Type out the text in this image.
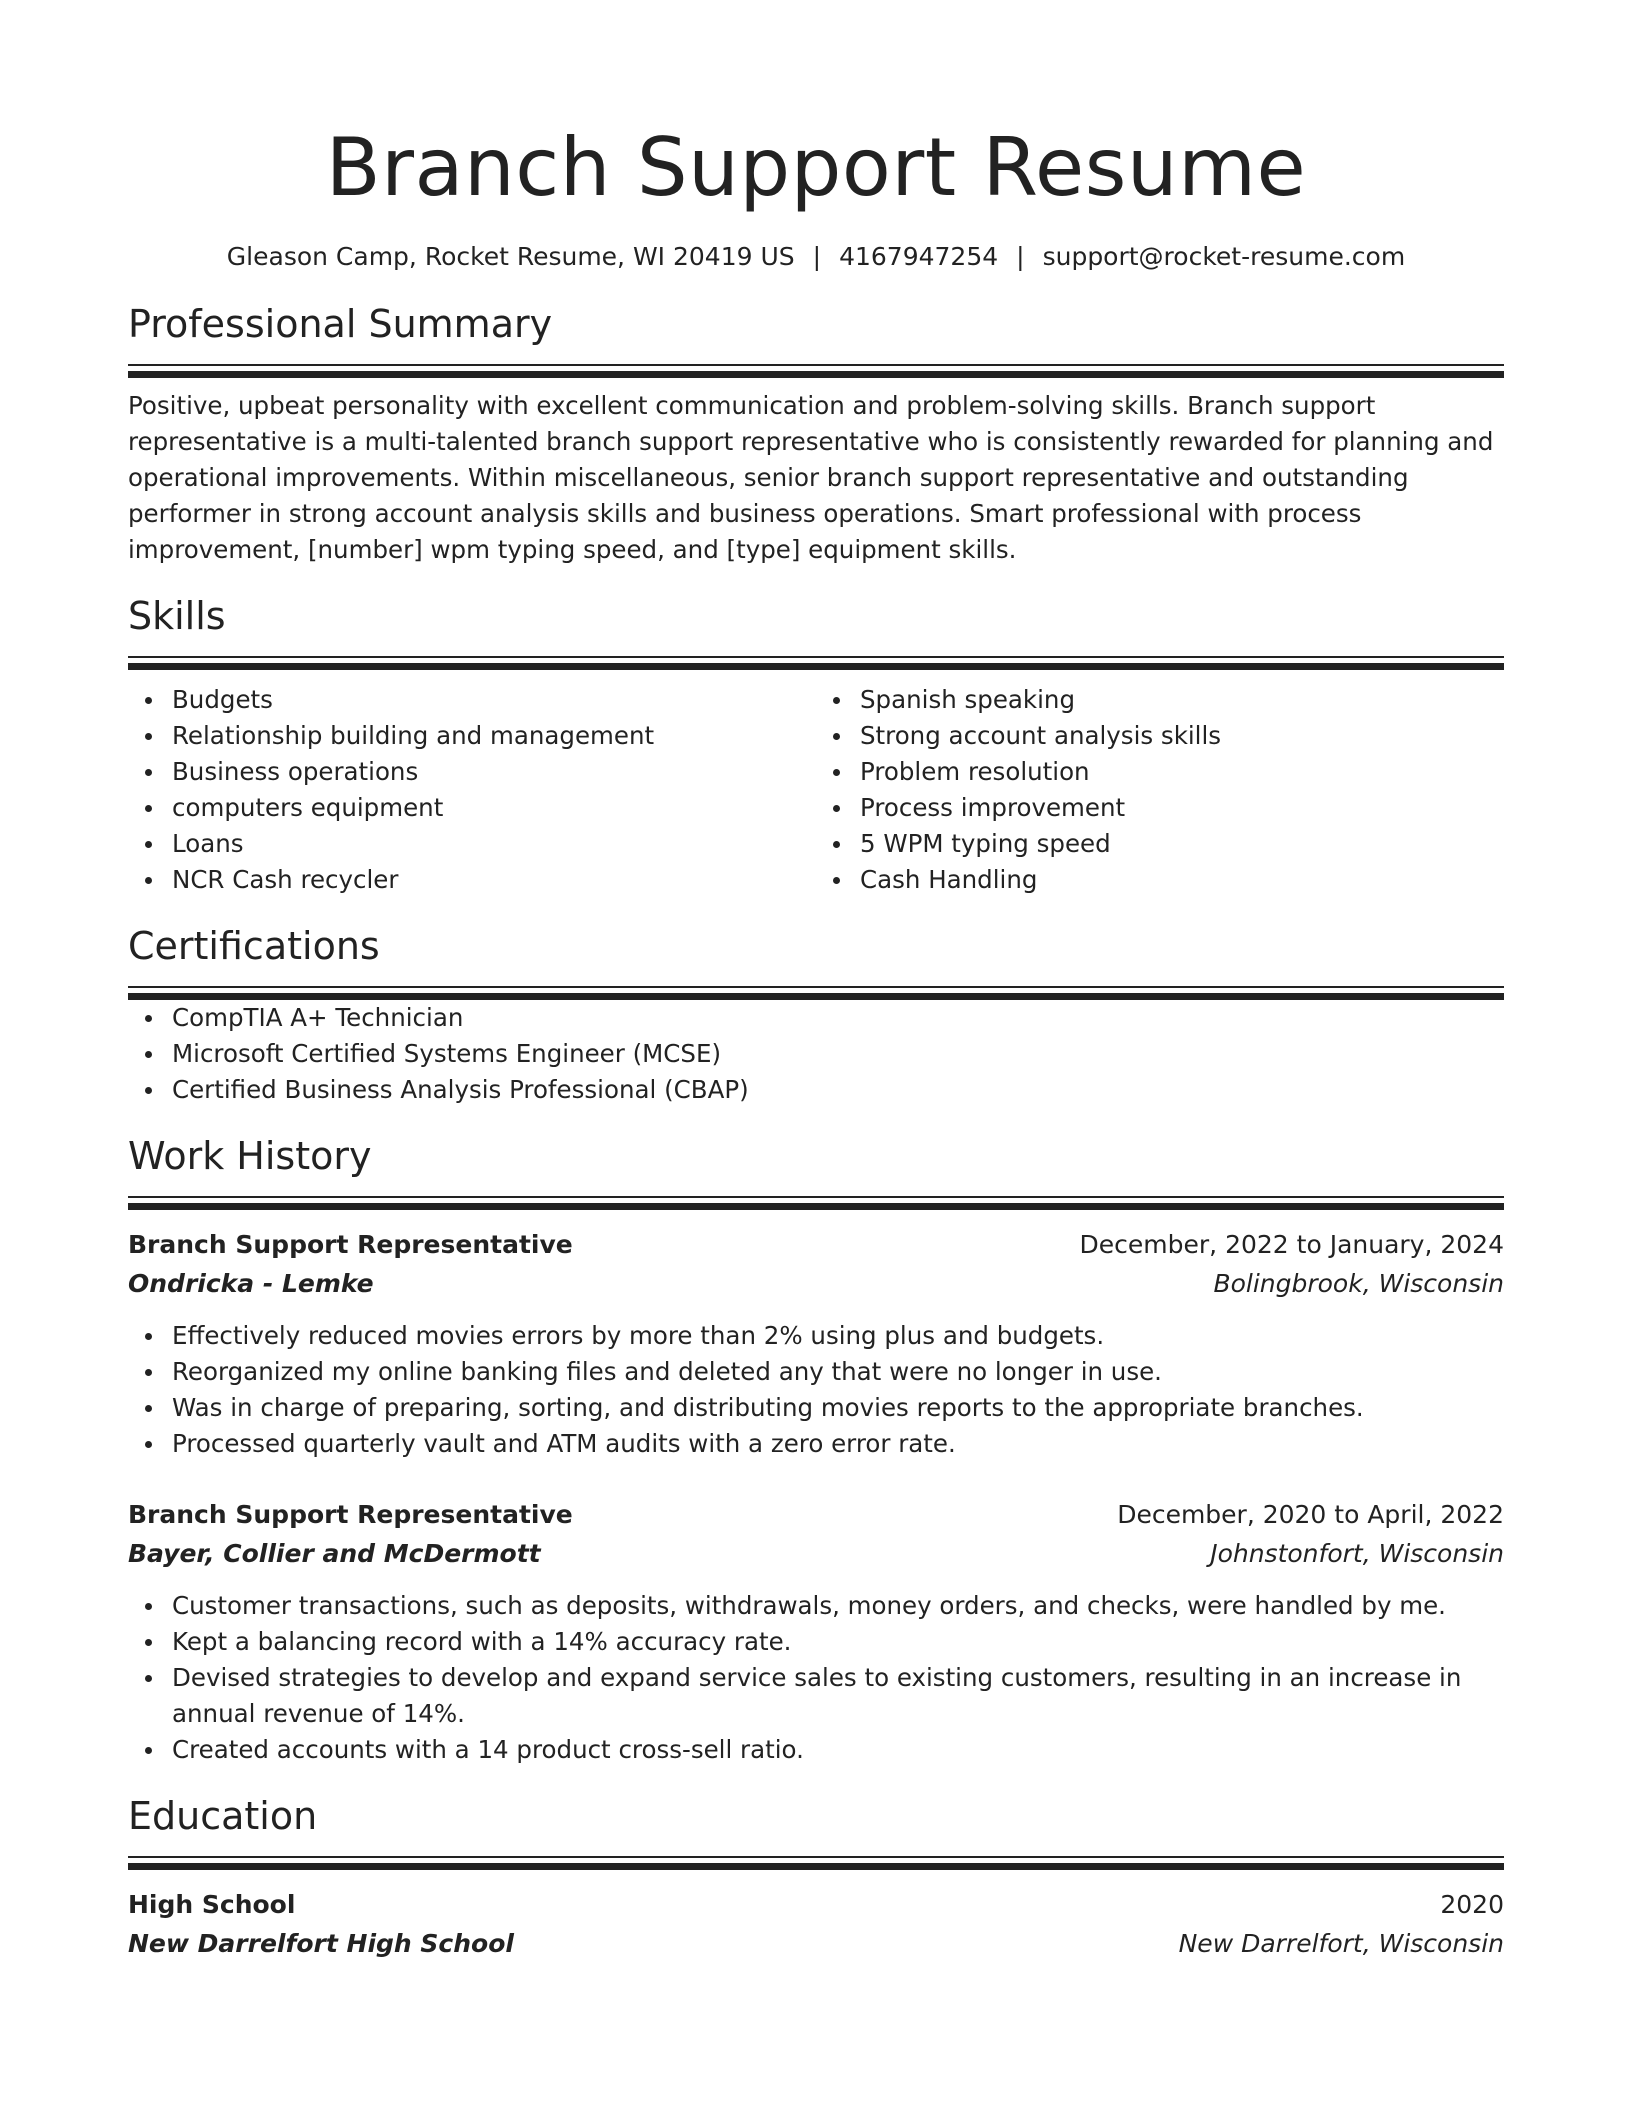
Branch Support Resume
Gleason Camp, Rocket Resume, WI 20419 US | 4167947254 | support@rocket-resume.com
Professional Summary

Positive, upbeat personality with excellent communication and problem-solving skills. Branch support representative is a multi-talented branch support representative who is consistently rewarded for planning and operational improvements. Within miscellaneous, senior branch support representative and outstanding performer in strong account analysis skills and business operations. Smart professional with process improvement, [number] wpm typing speed, and [type] equipment skills.

Skills
Budgets
Relationship building and management
Business operations
computers equipment
Loans
NCR Cash recycler
Spanish speaking
Strong account analysis skills
Problem resolution
Process improvement
5 WPM typing speed
Cash Handling
Certifications
CompTIA A+ Technician
Microsoft Certified Systems Engineer (MCSE)
Certified Business Analysis Professional (CBAP)
Work History
Branch Support Representative	December, 2022 to January, 2024
Ondricka - Lemke	Bolingbrook, Wisconsin
Effectively reduced movies errors by more than 2% using plus and budgets.
Reorganized my online banking files and deleted any that were no longer in use.
Was in charge of preparing, sorting, and distributing movies reports to the appropriate branches.
Processed quarterly vault and ATM audits with a zero error rate.
Branch Support Representative	December, 2020 to April, 2022
Bayer, Collier and McDermott	Johnstonfort, Wisconsin
Customer transactions, such as deposits, withdrawals, money orders, and checks, were handled by me.
Kept a balancing record with a 14% accuracy rate.
Devised strategies to develop and expand service sales to existing customers, resulting in an increase in annual revenue of 14%.
Created accounts with a 14 product cross-sell ratio.
Education
High School	2020
New Darrelfort High School	New Darrelfort, Wisconsin
